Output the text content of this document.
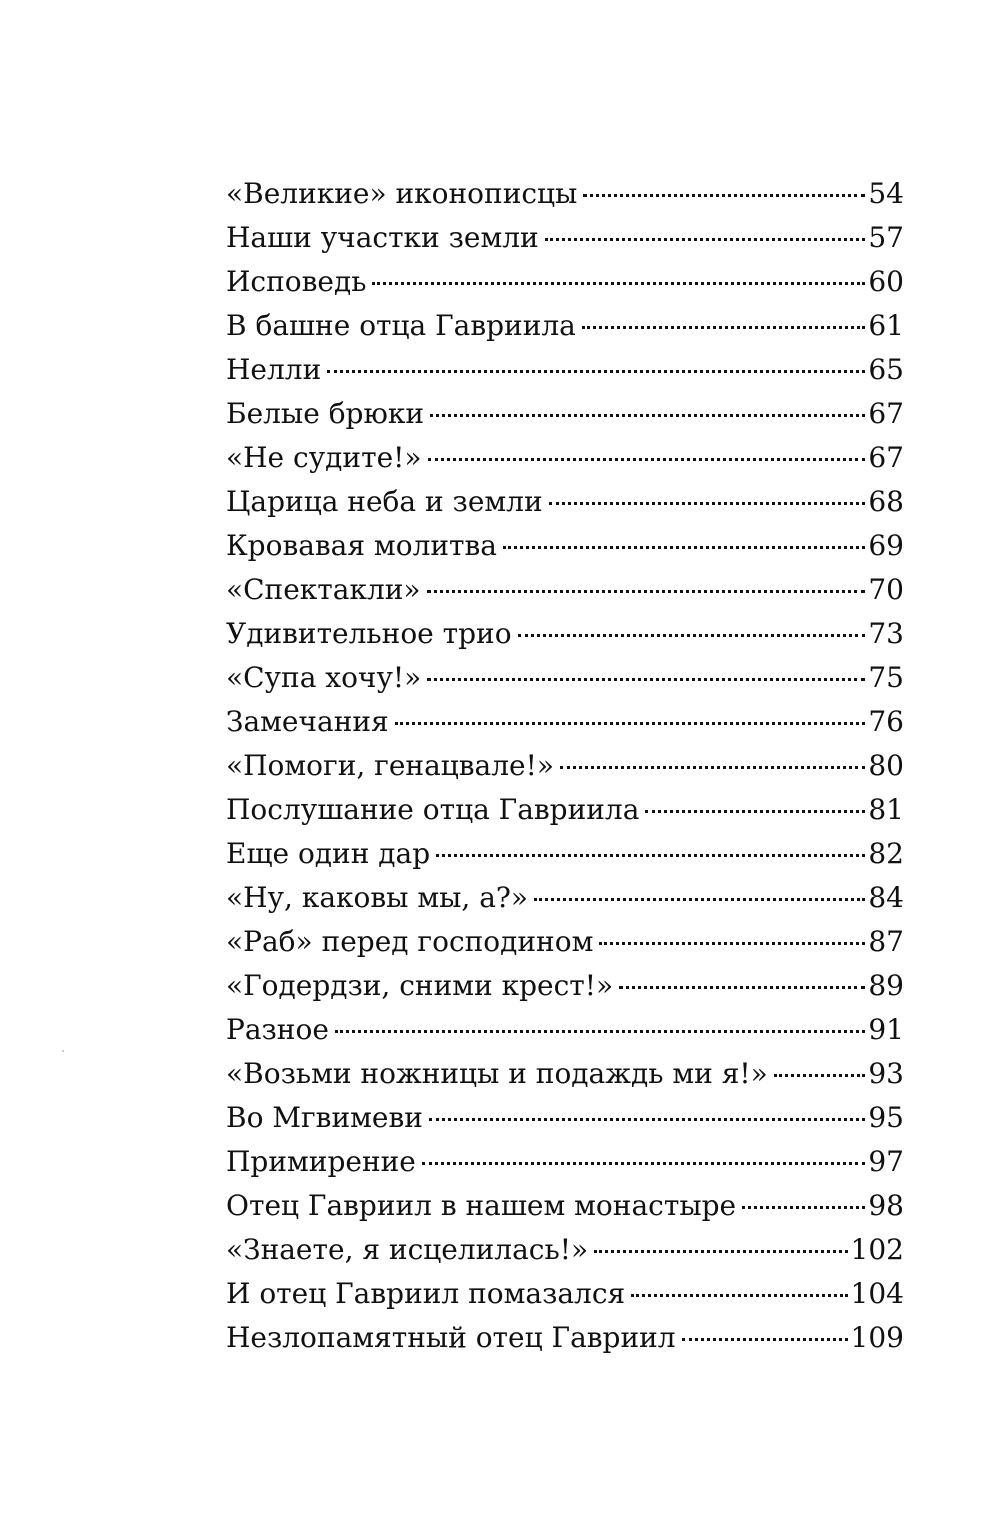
«Великие» иконописцы	54
Наши участки земли	57
Исповедь	60
В башне отца Гавриила	61
Нелли	65
Белые брюки	67
«Не судите!»	67
Царица неба и земли	68
Кровавая молитва	69
«Спектакли»	70
Удивительное трио	73
«Супа хочу!»	75
Замечания	76
«Помоги, генацвале!»	80
Послушание отца Гавриила	81
Еще один дар	82
«Ну, каковы мы, а?»	84
«Раб» перед господином	87
«Годердзи, сними крест!»	89
Разное	91
«Возьми ножницы и подаждь ми я!»	93
Во Мгвимеви	95
Примирение	97
Отец Гавриил в нашем монастыре	98
«Знаете, я исцелилась!»	102
И отец Гавриил помазался	104
Незлопамятный отец Гавриил	109
